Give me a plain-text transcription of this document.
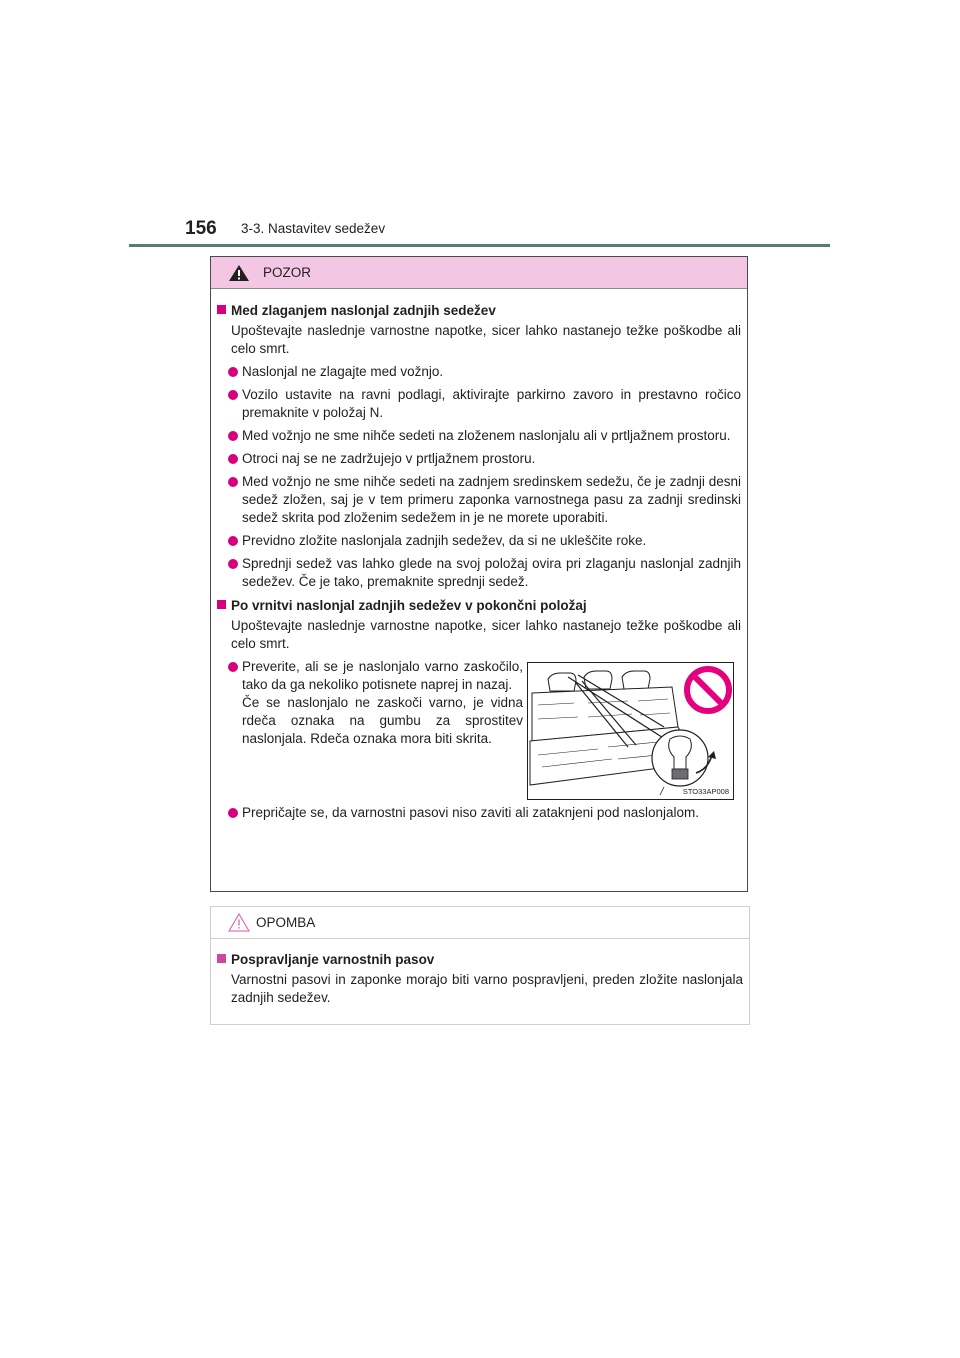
156 3-3. Nastavitev sedežev
POZOR
Med zlaganjem naslonjal zadnjih sedežev
Upoštevajte naslednje varnostne napotke, sicer lahko nastanejo težke poškodbe ali celo smrt.
Naslonjal ne zlagajte med vožnjo.
Vozilo ustavite na ravni podlagi, aktivirajte parkirno zavoro in prestavno ročico premaknite v položaj N.
Med vožnjo ne sme nihče sedeti na zloženem naslonjalu ali v prtljažnem prostoru.
Otroci naj se ne zadržujejo v prtljažnem prostoru.
Med vožnjo ne sme nihče sedeti na zadnjem sredinskem sedežu, če je zadnji desni sedež zložen, saj je v tem primeru zaponka varnostnega pasu za zadnji sredinski sedež skrita pod zloženim sedežem in je ne morete uporabiti.
Previdno zložite naslonjala zadnjih sedežev, da si ne ukleščite roke.
Sprednji sedež vas lahko glede na svoj položaj ovira pri zlaganju naslonjal zadnjih sedežev. Če je tako, premaknite sprednji sedež.
Po vrnitvi naslonjal zadnjih sedežev v pokončni položaj
Upoštevajte naslednje varnostne napotke, sicer lahko nastanejo težke poškodbe ali celo smrt.
Preverite, ali se je naslonjalo varno zaskočilo, tako da ga nekoliko potisnete naprej in nazaj.
Če se naslonjalo ne zaskoči varno, je vidna rdeča oznaka na gumbu za sprostitev naslonjala. Rdeča oznaka mora biti skrita.
STO33AP008
Prepričajte se, da varnostni pasovi niso zaviti ali zataknjeni pod naslonjalom.
OPOMBA
Pospravljanje varnostnih pasov
Varnostni pasovi in zaponke morajo biti varno pospravljeni, preden zložite naslonjala zadnjih sedežev.
